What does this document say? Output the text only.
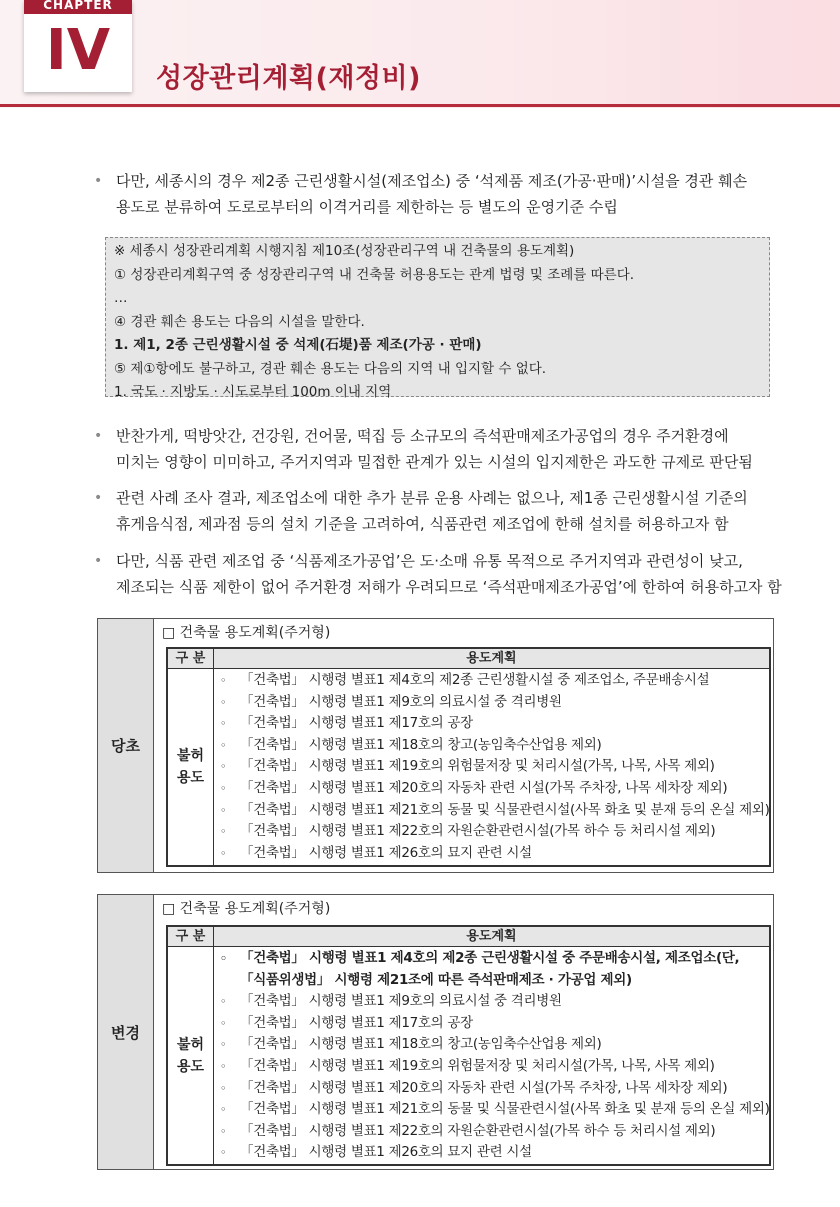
CHAPTER
IV	성장관리계획(재정비)
• 다만, 세종시의 경우 제2종 근린생활시설(제조업소) 중 ‘석제품 제조(가공·판매)’시설을 경관 훼손
용도로 분류하여 도로로부터의 이격거리를 제한하는 등 별도의 운영기준 수립
※ 세종시 성장관리계획 시행지침 제10조(성장관리구역 내 건축물의 용도계획)
① 성장관리계획구역 중 성장관리구역 내 건축물 허용용도는 관계 법령 및 조례를 따른다.
…
④ 경관 훼손 용도는 다음의 시설을 말한다.
1. 제1, 2종 근린생활시설 중 석제(石堤)품 제조(가공 · 판매)
⑤ 제①항에도 불구하고, 경관 훼손 용도는 다음의 지역 내 입지할 수 없다.
1. 국도 · 지방도 · 시도로부터 100m 이내 지역
• 반찬가게, 떡방앗간, 건강원, 건어물, 떡집 등 소규모의 즉석판매제조가공업의 경우 주거환경에
미치는 영향이 미미하고, 주거지역과 밀접한 관계가 있는 시설의 입지제한은 과도한 규제로 판단됨
• 관련 사례 조사 결과, 제조업소에 대한 추가 분류 운용 사례는 없으나, 제1종 근린생활시설 기준의
휴게음식점, 제과점 등의 설치 기준을 고려하여, 식품관련 제조업에 한해 설치를 허용하고자 함
• 다만, 식품 관련 제조업 중 ‘식품제조가공업’은 도·소매 유통 목적으로 주거지역과 관련성이 낮고,
제조되는 식품 제한이 없어 주거환경 저해가 우려되므로 ‘즉석판매제조가공업’에 한하여 허용하고자 함
당초
□ 건축물 용도계획(주거형)
구 분	용도계획
불허
용도
◦ 「건축법」 시행령 별표1 제4호의 제2종 근린생활시설 중 제조업소, 주문배송시설
◦ 「건축법」 시행령 별표1 제9호의 의료시설 중 격리병원
◦ 「건축법」 시행령 별표1 제17호의 공장
◦ 「건축법」 시행령 별표1 제18호의 창고(농임축수산업용 제외)
◦ 「건축법」 시행령 별표1 제19호의 위험물저장 및 처리시설(가목, 나목, 사목 제외)
◦ 「건축법」 시행령 별표1 제20호의 자동차 관련 시설(가목 주차장, 나목 세차장 제외)
◦ 「건축법」 시행령 별표1 제21호의 동물 및 식물관련시설(사목 화초 및 분재 등의 온실 제외)
◦ 「건축법」 시행령 별표1 제22호의 자원순환관련시설(가목 하수 등 처리시설 제외)
◦ 「건축법」 시행령 별표1 제26호의 묘지 관련 시설
변경
□ 건축물 용도계획(주거형)
구 분	용도계획
불허
용도
◦ 「건축법」 시행령 별표1 제4호의 제2종 근린생활시설 중 주문배송시설, 제조업소(단,
「식품위생법」 시행령 제21조에 따른 즉석판매제조 · 가공업 제외)
◦ 「건축법」 시행령 별표1 제9호의 의료시설 중 격리병원
◦ 「건축법」 시행령 별표1 제17호의 공장
◦ 「건축법」 시행령 별표1 제18호의 창고(농임축수산업용 제외)
◦ 「건축법」 시행령 별표1 제19호의 위험물저장 및 처리시설(가목, 나목, 사목 제외)
◦ 「건축법」 시행령 별표1 제20호의 자동차 관련 시설(가목 주차장, 나목 세차장 제외)
◦ 「건축법」 시행령 별표1 제21호의 동물 및 식물관련시설(사목 화초 및 분재 등의 온실 제외)
◦ 「건축법」 시행령 별표1 제22호의 자원순환관련시설(가목 하수 등 처리시설 제외)
◦ 「건축법」 시행령 별표1 제26호의 묘지 관련 시설
